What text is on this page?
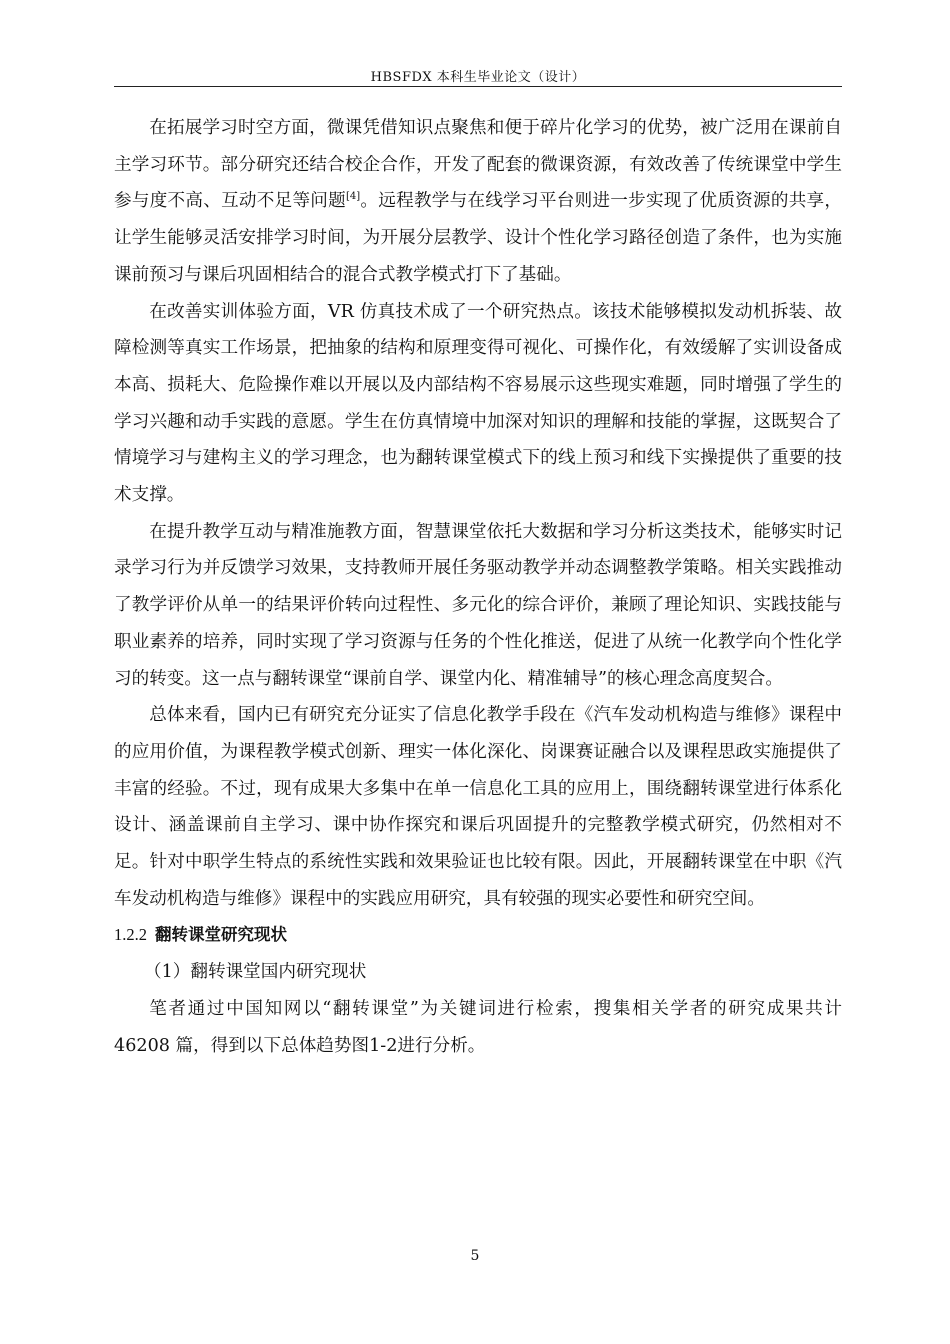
HBSFDX 本科生毕业论文（设计）

在拓展学习时空方面，微课凭借知识点聚焦和便于碎片化学习的优势，被广泛用在课前自主学习环节。部分研究还结合校企合作，开发了配套的微课资源，有效改善了传统课堂中学生参与度不高、互动不足等问题[4]。远程教学与在线学习平台则进一步实现了优质资源的共享，让学生能够灵活安排学习时间，为开展分层教学、设计个性化学习路径创造了条件，也为实施课前预习与课后巩固相结合的混合式教学模式打下了基础。

在改善实训体验方面，VR 仿真技术成了一个研究热点。该技术能够模拟发动机拆装、故障检测等真实工作场景，把抽象的结构和原理变得可视化、可操作化，有效缓解了实训设备成本高、损耗大、危险操作难以开展以及内部结构不容易展示这些现实难题，同时增强了学生的学习兴趣和动手实践的意愿。学生在仿真情境中加深对知识的理解和技能的掌握，这既契合了情境学习与建构主义的学习理念，也为翻转课堂模式下的线上预习和线下实操提供了重要的技术支撑。

在提升教学互动与精准施教方面，智慧课堂依托大数据和学习分析这类技术，能够实时记录学习行为并反馈学习效果，支持教师开展任务驱动教学并动态调整教学策略。相关实践推动了教学评价从单一的结果评价转向过程性、多元化的综合评价，兼顾了理论知识、实践技能与职业素养的培养，同时实现了学习资源与任务的个性化推送，促进了从统一化教学向个性化学习的转变。这一点与翻转课堂“课前自学、课堂内化、精准辅导”的核心理念高度契合。

总体来看，国内已有研究充分证实了信息化教学手段在《汽车发动机构造与维修》课程中的应用价值，为课程教学模式创新、理实一体化深化、岗课赛证融合以及课程思政实施提供了丰富的经验。不过，现有成果大多集中在单一信息化工具的应用上，围绕翻转课堂进行体系化设计、涵盖课前自主学习、课中协作探究和课后巩固提升的完整教学模式研究，仍然相对不足。针对中职学生特点的系统性实践和效果验证也比较有限。因此，开展翻转课堂在中职《汽车发动机构造与维修》课程中的实践应用研究，具有较强的现实必要性和研究空间。

1.2.2 翻转课堂研究现状

（1）翻转课堂国内研究现状

笔者通过中国知网以“翻转课堂”为关键词进行检索，搜集相关学者的研究成果共计 46208 篇，得到以下总体趋势图1-2进行分析。

5
